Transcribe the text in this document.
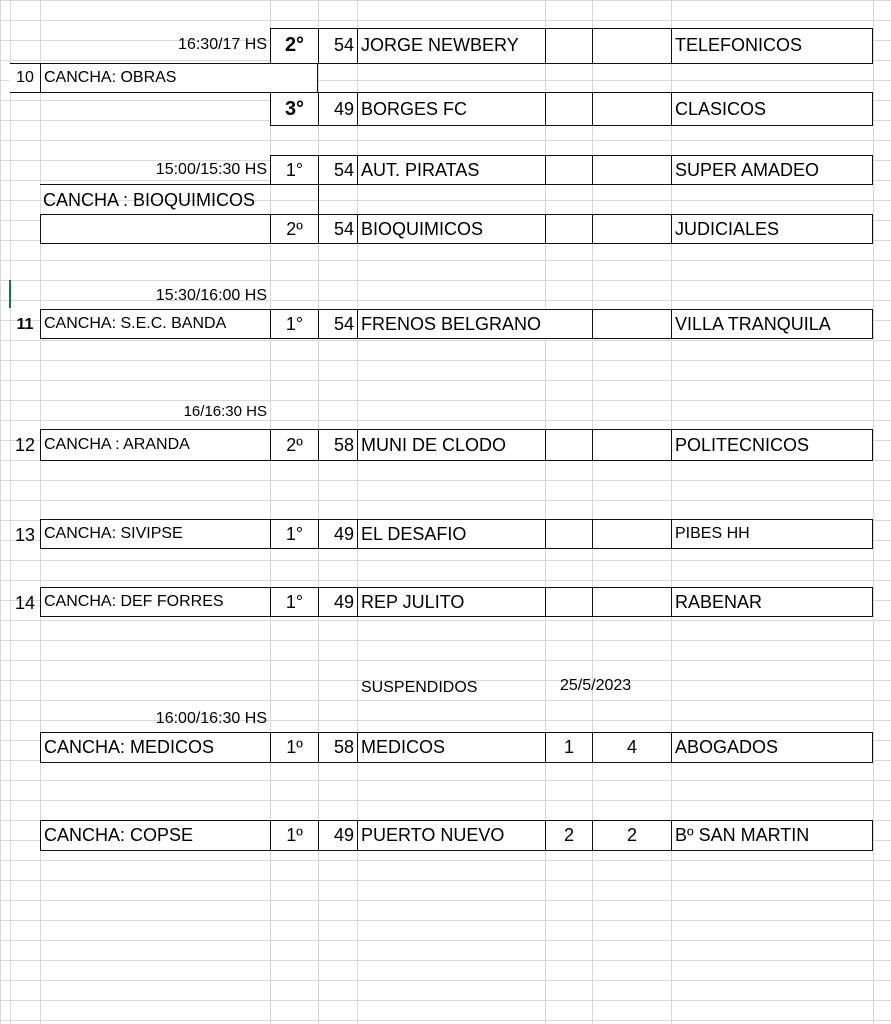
16:30/17 HS 2°	54 JORGE NEWBERY	TELEFONICOS
10 CANCHA: OBRAS
3°	49 BORGES FC	CLASICOS
15:00/15:30 HS	1°	54 AUT. PIRATAS	SUPER AMADEO
CANCHA : BIOQUIMICOS
2º	54 BIOQUIMICOS	JUDICIALES
15:30/16:00 HS
11 CANCHA: S.E.C. BANDA	1°	54 FRENOS BELGRANO	VILLA TRANQUILA
16/16:30 HS
12 CANCHA : ARANDA	2º	58 MUNI DE CLODO	POLITECNICOS
13 CANCHA: SIVIPSE	1°	49 EL DESAFIO	PIBES HH
14 CANCHA: DEF FORRES	1°	49 REP JULITO	RABENAR
SUSPENDIDOS	25/5/2023
16:00/16:30 HS
CANCHA: MEDICOS	1º	58 MEDICOS	1	4	ABOGADOS
CANCHA: COPSE	1º	49 PUERTO NUEVO	2	2	Bº SAN MARTIN
